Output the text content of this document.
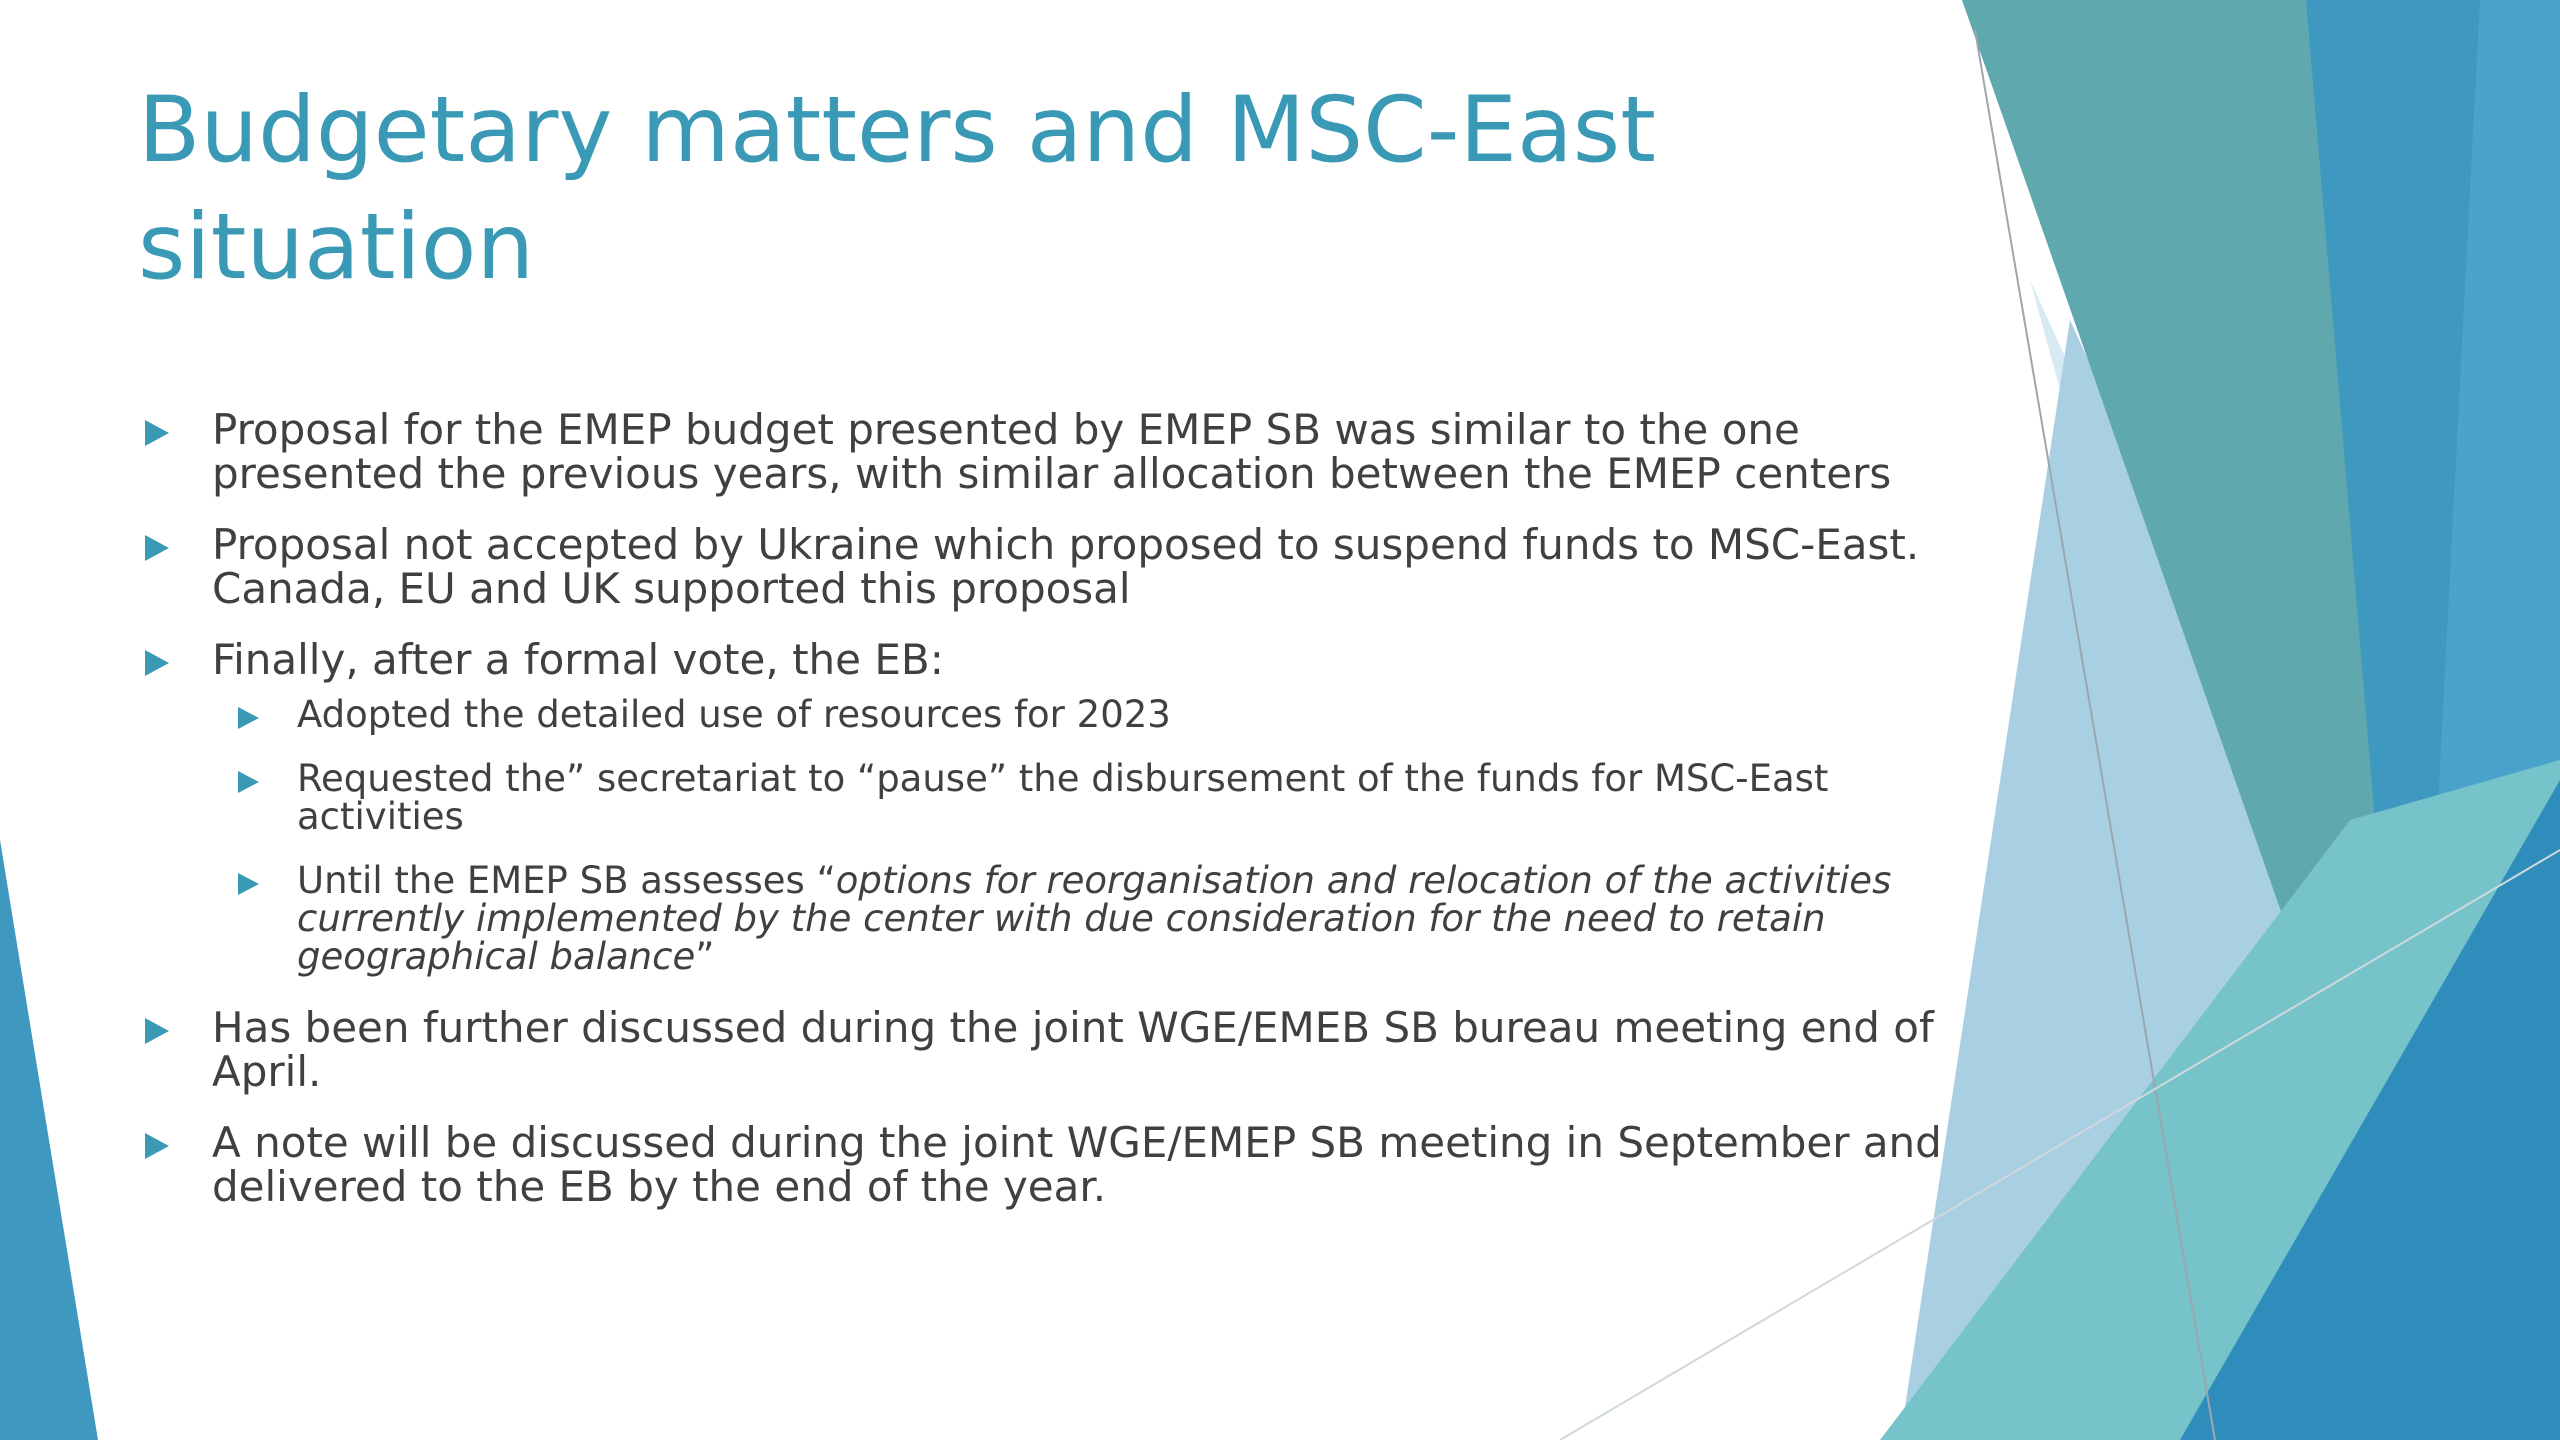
Budgetary matters and MSC-East situation
Proposal for the EMEP budget presented by EMEP SB was similar to the one presented the previous years, with similar allocation between the EMEP centers
Proposal not accepted by Ukraine which proposed to suspend funds to MSC-East. Canada, EU and UK supported this proposal
Finally, after a formal vote, the EB:
Adopted the detailed use of resources for 2023
Requested the” secretariat to “pause” the disbursement of the funds for MSC-East activities
Until the EMEP SB assesses “options for reorganisation and relocation of the activities currently implemented by the center with due consideration for the need to retain geographical balance”
Has been further discussed during the joint WGE/EMEB SB bureau meeting end of April.
A note will be discussed during the joint WGE/EMEP SB meeting in September and delivered to the EB by the end of the year.
